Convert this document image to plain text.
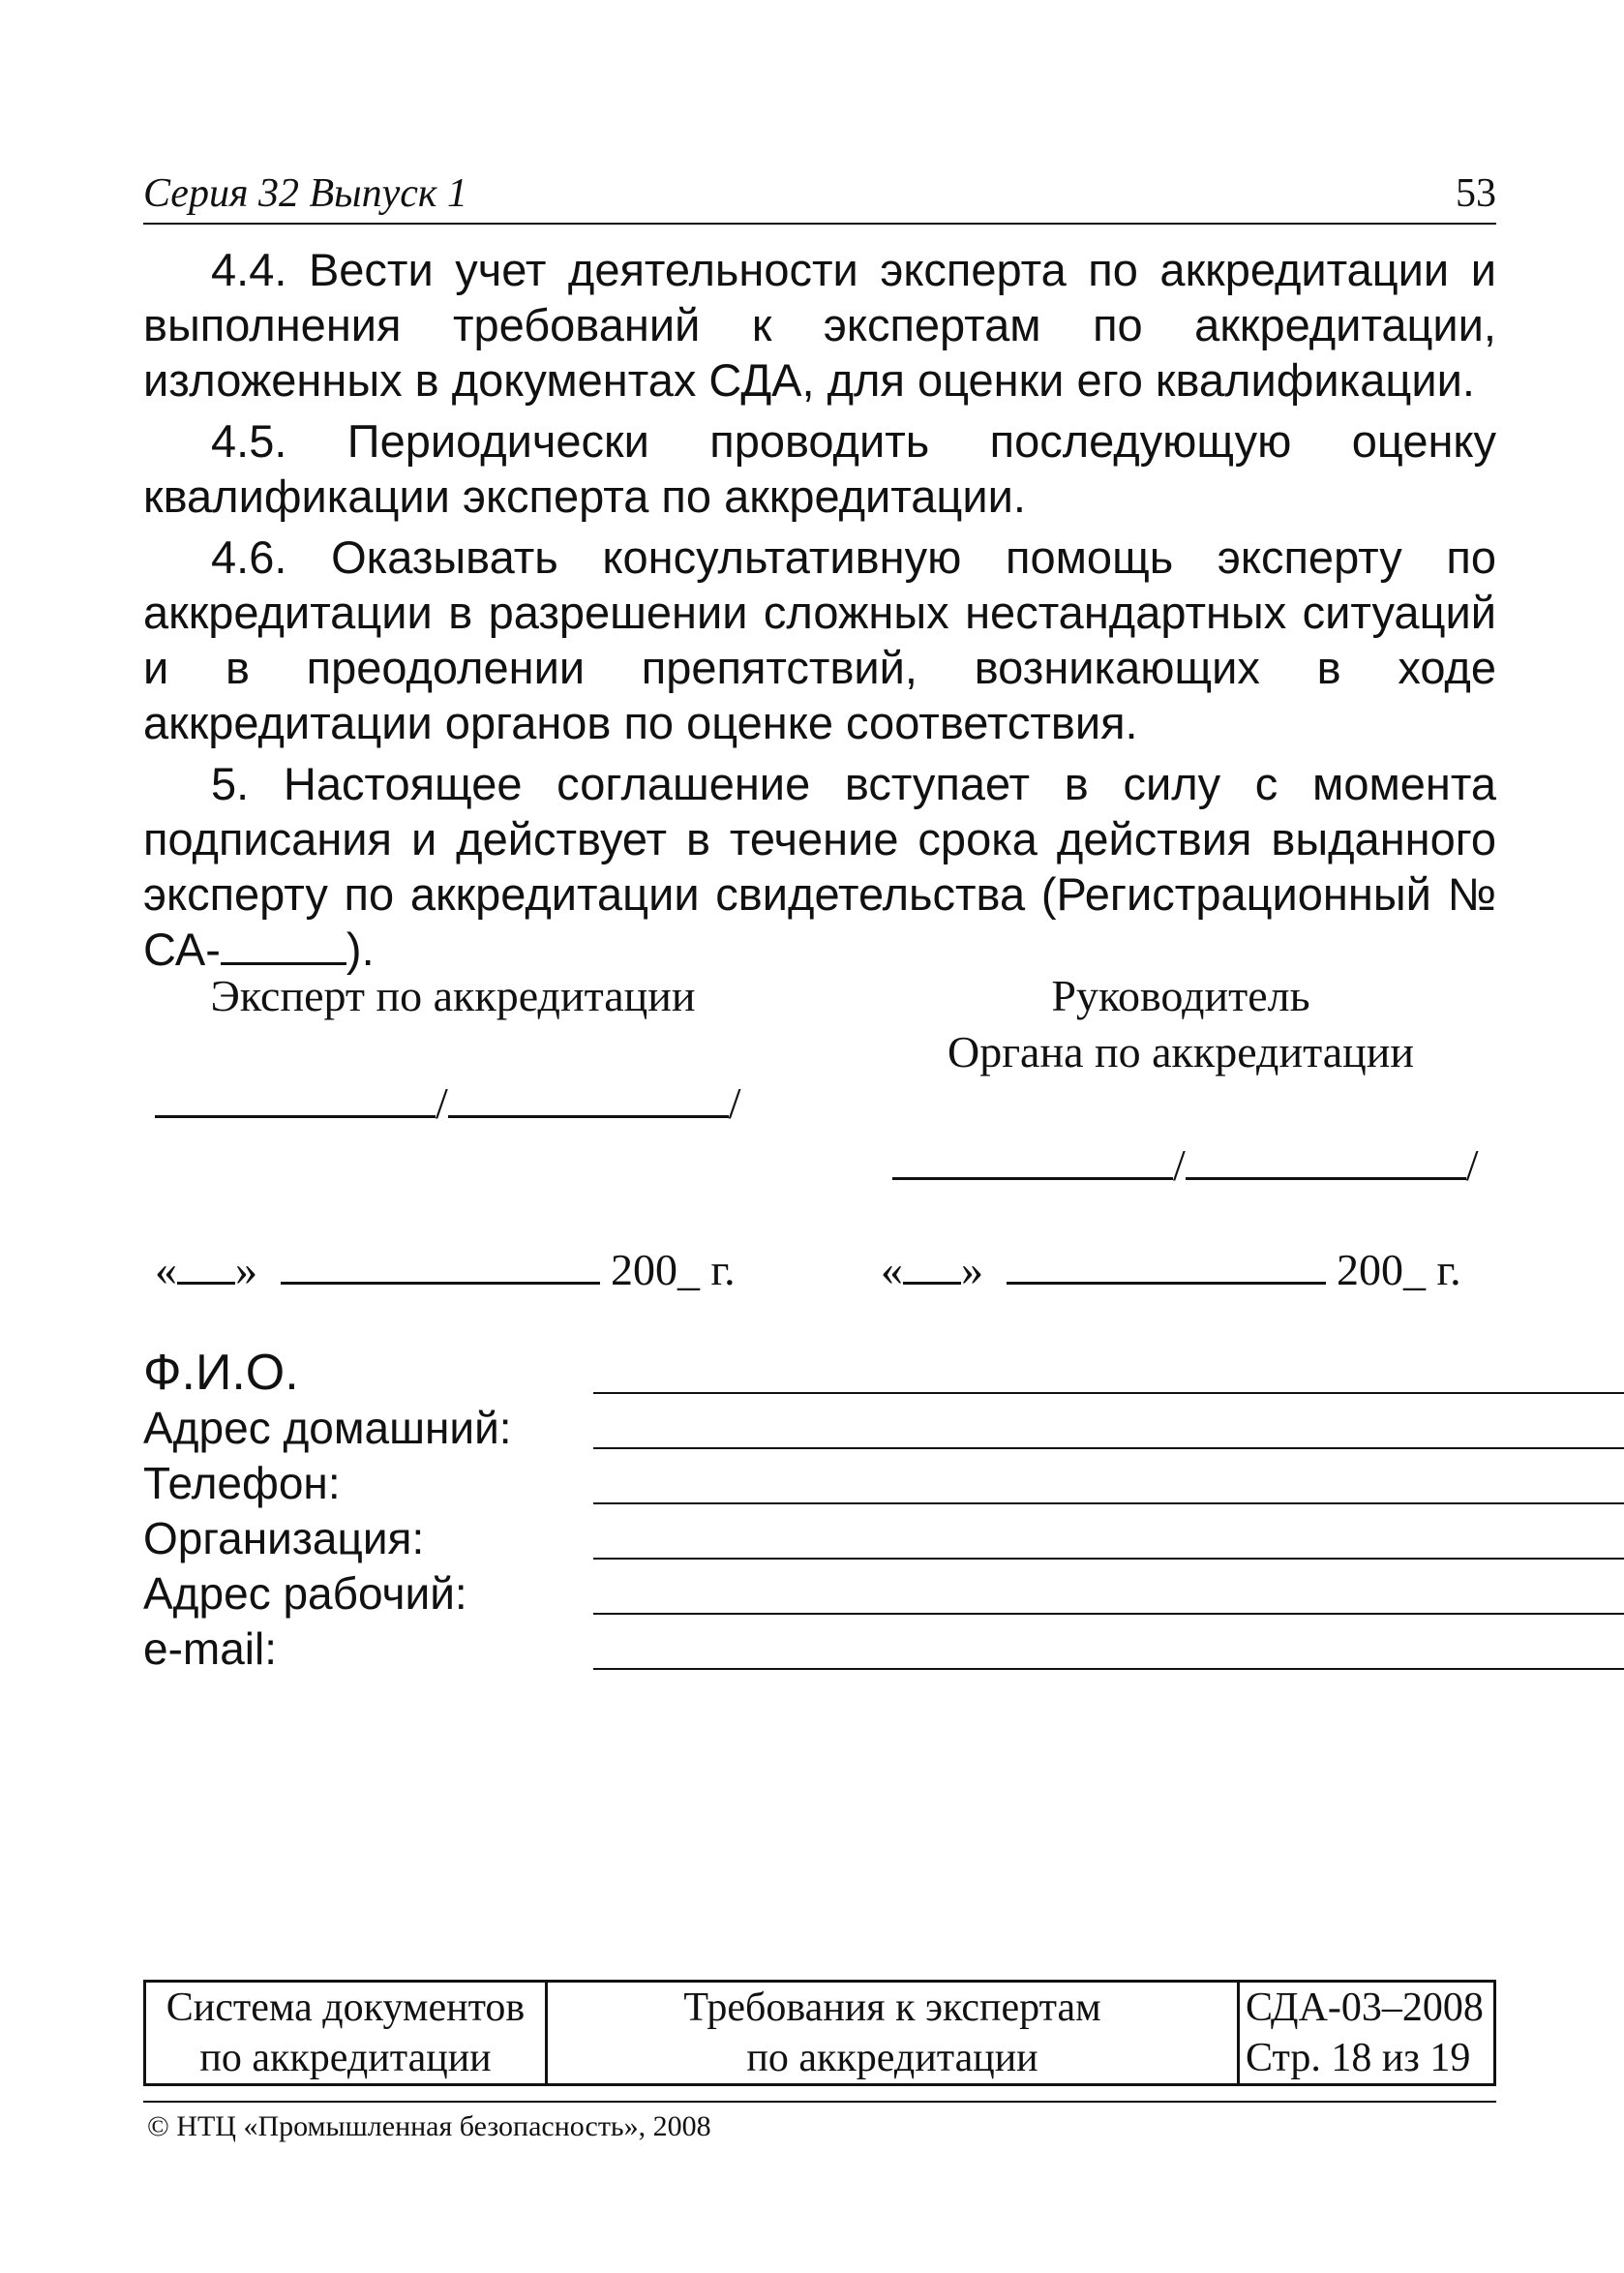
Серия 32 Выпуск 1	53

4.4. Вести учет деятельности эксперта по аккредитации и выполнения требований к экспертам по аккредитации, изложенных в документах СДА, для оценки его квалификации.

4.5. Периодически проводить последующую оценку квалификации эксперта по аккредитации.

4.6. Оказывать консультативную помощь эксперту по аккредитации в разрешении сложных нестандартных ситуаций и в преодолении препятствий, возникающих в ходе аккредитации органов по оценке соответствия.

5. Настоящее соглашение вступает в силу с момента подписания и действует в течение срока действия выданного эксперту по аккредитации свидетельства (Регистрационный № СА-	).

Эксперт по аккредитации	Руководитель
Органа по аккредитации
/	/
/	/
« »	200_ г.	« »	200_ г.
Ф.И.О.
Адрес домашний:
Телефон:
Организация:
Адрес рабочий:
e-mail:
Система документов
по аккредитации

Требования к экспертам
по аккредитации

СДА-03–2008
Стр. 18 из 19
© НТЦ «Промышленная безопасность», 2008
